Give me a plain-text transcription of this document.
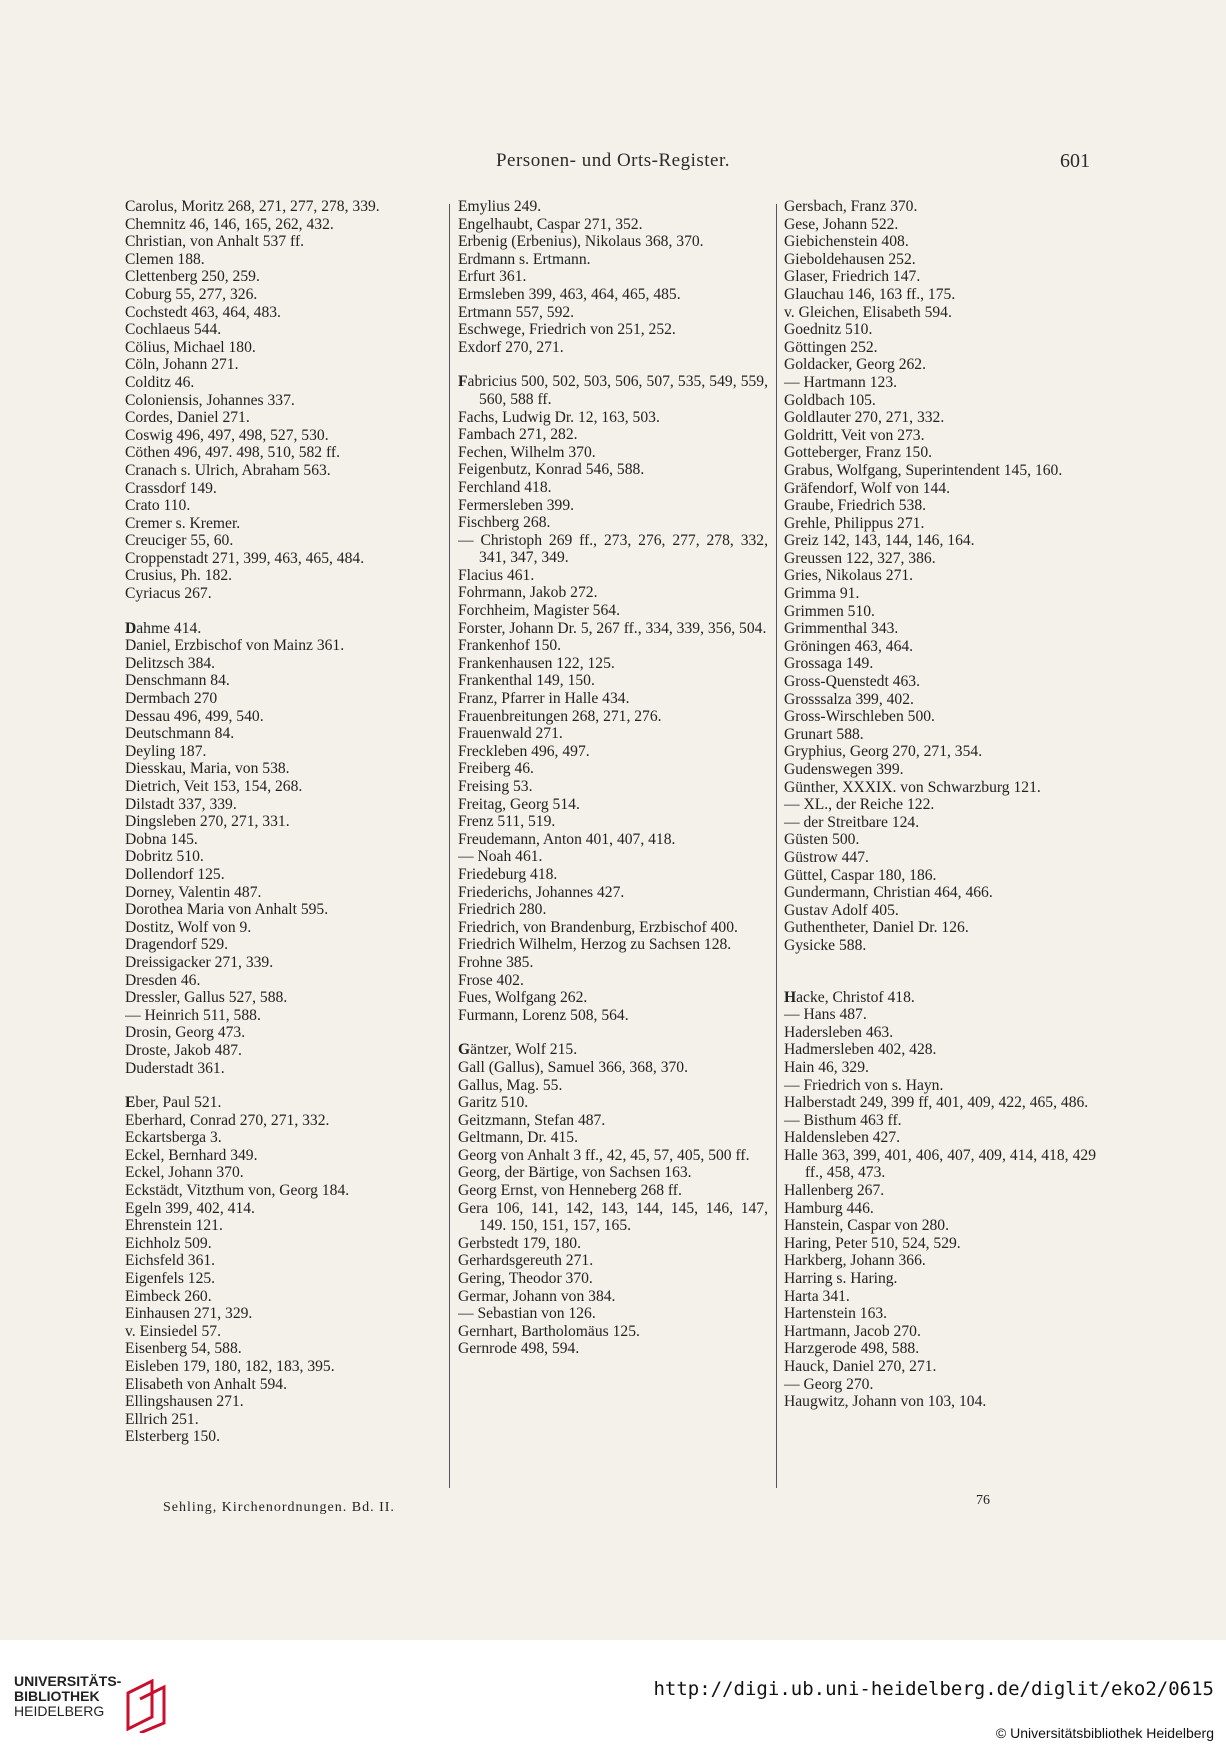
Personen- und Orts-Register.	601
Carolus, Moritz 268, 271, 277, 278, 339.
Chemnitz 46, 146, 165, 262, 432.
Christian, von Anhalt 537 ff.
Clemen 188.
Clettenberg 250, 259.
Coburg 55, 277, 326.
Cochstedt 463, 464, 483.
Cochlaeus 544.
Cölius, Michael 180.
Cöln, Johann 271.
Colditz 46.
Coloniensis, Johannes 337.
Cordes, Daniel 271.
Coswig 496, 497, 498, 527, 530.
Cöthen 496, 497. 498, 510, 582 ff.
Cranach s. Ulrich, Abraham 563.
Crassdorf 149.
Crato 110.
Cremer s. Kremer.
Creuciger 55, 60.
Croppenstadt 271, 399, 463, 465, 484.
Crusius, Ph. 182.
Cyriacus 267.
Dahme 414.
Daniel, Erzbischof von Mainz 361.
Delitzsch 384.
Denschmann 84.
Dermbach 270
Dessau 496, 499, 540.
Deutschmann 84.
Deyling 187.
Diesskau, Maria, von 538.
Dietrich, Veit 153, 154, 268.
Dilstadt 337, 339.
Dingsleben 270, 271, 331.
Dobna 145.
Dobritz 510.
Dollendorf 125.
Dorney, Valentin 487.
Dorothea Maria von Anhalt 595.
Dostitz, Wolf von 9.
Dragendorf 529.
Dreissigacker 271, 339.
Dresden 46.
Dressler, Gallus 527, 588.
— Heinrich 511, 588.
Drosin, Georg 473.
Droste, Jakob 487.
Duderstadt 361.
Eber, Paul 521.
Eberhard, Conrad 270, 271, 332.
Eckartsberga 3.
Eckel, Bernhard 349.
Eckel, Johann 370.
Eckstädt, Vitzthum von, Georg 184.
Egeln 399, 402, 414.
Ehrenstein 121.
Eichholz 509.
Eichsfeld 361.
Eigenfels 125.
Eimbeck 260.
Einhausen 271, 329.
v. Einsiedel 57.
Eisenberg 54, 588.
Eisleben 179, 180, 182, 183, 395.
Elisabeth von Anhalt 594.
Ellingshausen 271.
Ellrich 251.
Elsterberg 150.
Emylius 249.
Engelhaubt, Caspar 271, 352.
Erbenig (Erbenius), Nikolaus 368, 370.
Erdmann s. Ertmann.
Erfurt 361.
Ermsleben 399, 463, 464, 465, 485.
Ertmann 557, 592.
Eschwege, Friedrich von 251, 252.
Exdorf 270, 271.
Fabricius 500, 502, 503, 506, 507, 535, 549, 559, 560, 588 ff.
Fachs, Ludwig Dr. 12, 163, 503.
Fambach 271, 282.
Fechen, Wilhelm 370.
Feigenbutz, Konrad 546, 588.
Ferchland 418.
Fermersleben 399.
Fischberg 268.
— Christoph 269 ff., 273, 276, 277, 278, 332, 341, 347, 349.
Flacius 461.
Fohrmann, Jakob 272.
Forchheim, Magister 564.
Forster, Johann Dr. 5, 267 ff., 334, 339, 356, 504.
Frankenhof 150.
Frankenhausen 122, 125.
Frankenthal 149, 150.
Franz, Pfarrer in Halle 434.
Frauenbreitungen 268, 271, 276.
Frauenwald 271.
Freckleben 496, 497.
Freiberg 46.
Freising 53.
Freitag, Georg 514.
Frenz 511, 519.
Freudemann, Anton 401, 407, 418.
— Noah 461.
Friedeburg 418.
Friederichs, Johannes 427.
Friedrich 280.
Friedrich, von Brandenburg, Erzbischof 400.
Friedrich Wilhelm, Herzog zu Sachsen 128.
Frohne 385.
Frose 402.
Fues, Wolfgang 262.
Furmann, Lorenz 508, 564.
Gäntzer, Wolf 215.
Gall (Gallus), Samuel 366, 368, 370.
Gallus, Mag. 55.
Garitz 510.
Geitzmann, Stefan 487.
Geltmann, Dr. 415.
Georg von Anhalt 3 ff., 42, 45, 57, 405, 500 ff.
Georg, der Bärtige, von Sachsen 163.
Georg Ernst, von Henneberg 268 ff.
Gera 106, 141, 142, 143, 144, 145, 146, 147, 149. 150, 151, 157, 165.
Gerbstedt 179, 180.
Gerhardsgereuth 271.
Gering, Theodor 370.
Germar, Johann von 384.
— Sebastian von 126.
Gernhart, Bartholomäus 125.
Gernrode 498, 594.
Gersbach, Franz 370.
Gese, Johann 522.
Giebichenstein 408.
Gieboldehausen 252.
Glaser, Friedrich 147.
Glauchau 146, 163 ff., 175.
v. Gleichen, Elisabeth 594.
Goednitz 510.
Göttingen 252.
Goldacker, Georg 262.
— Hartmann 123.
Goldbach 105.
Goldlauter 270, 271, 332.
Goldritt, Veit von 273.
Gotteberger, Franz 150.
Grabus, Wolfgang, Superintendent 145, 160.
Gräfendorf, Wolf von 144.
Graube, Friedrich 538.
Grehle, Philippus 271.
Greiz 142, 143, 144, 146, 164.
Greussen 122, 327, 386.
Gries, Nikolaus 271.
Grimma 91.
Grimmen 510.
Grimmenthal 343.
Gröningen 463, 464.
Grossaga 149.
Gross-Quenstedt 463.
Grosssalza 399, 402.
Gross-Wirschleben 500.
Grunart 588.
Gryphius, Georg 270, 271, 354.
Gudenswegen 399.
Günther, XXXIX. von Schwarzburg 121.
— XL., der Reiche 122.
— der Streitbare 124.
Güsten 500.
Güstrow 447.
Güttel, Caspar 180, 186.
Gundermann, Christian 464, 466.
Gustav Adolf 405.
Guthentheter, Daniel Dr. 126.
Gysicke 588.
Hacke, Christof 418.
— Hans 487.
Hadersleben 463.
Hadmersleben 402, 428.
Hain 46, 329.
— Friedrich von s. Hayn.
Halberstadt 249, 399 ff, 401, 409, 422, 465, 486.
— Bisthum 463 ff.
Haldensleben 427.
Halle 363, 399, 401, 406, 407, 409, 414, 418, 429 ff., 458, 473.
Hallenberg 267.
Hamburg 446.
Hanstein, Caspar von 280.
Haring, Peter 510, 524, 529.
Harkberg, Johann 366.
Harring s. Haring.
Harta 341.
Hartenstein 163.
Hartmann, Jacob 270.
Harzgerode 498, 588.
Hauck, Daniel 270, 271.
— Georg 270.
Haugwitz, Johann von 103, 104.
Sehling, Kirchenordnungen. Bd. II.	76
UNIVERSITÄTS-
BIBLIOTHEK
HEIDELBERG
http://digi.ub.uni-heidelberg.de/diglit/eko2/0615
© Universitätsbibliothek Heidelberg
